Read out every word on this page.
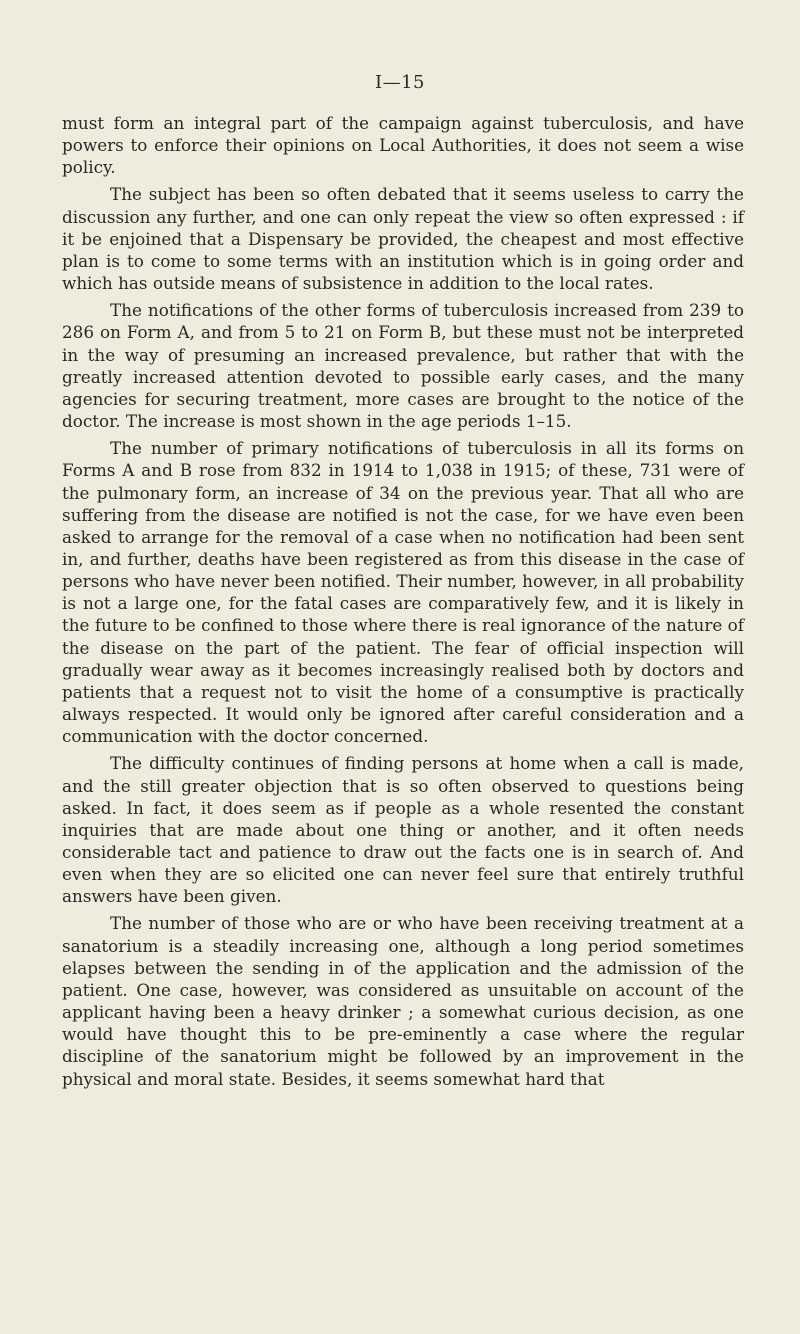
I—15

must form an integral part of the campaign against tuberculosis, and have powers to enforce their opinions on Local Authorities, it does not seem a wise policy.

The subject has been so often debated that it seems useless to carry the discussion any further, and one can only repeat the view so often expressed : if it be enjoined that a Dispensary be provided, the cheapest and most effective plan is to come to some terms with an institution which is in going order and which has outside means of subsistence in addition to the local rates.

The notifications of the other forms of tuberculosis increased from 239 to 286 on Form A, and from 5 to 21 on Form B, but these must not be interpreted in the way of presuming an increased prevalence, but rather that with the greatly increased attention devoted to possible early cases, and the many agencies for securing treatment, more cases are brought to the notice of the doctor. The increase is most shown in the age periods 1–15.

The number of primary notifications of tuberculosis in all its forms on Forms A and B rose from 832 in 1914 to 1,038 in 1915; of these, 731 were of the pulmonary form, an increase of 34 on the previous year. That all who are suffering from the disease are notified is not the case, for we have even been asked to arrange for the removal of a case when no notification had been sent in, and further, deaths have been registered as from this disease in the case of persons who have never been notified. Their number, however, in all probability is not a large one, for the fatal cases are comparatively few, and it is likely in the future to be confined to those where there is real ignorance of the nature of the disease on the part of the patient. The fear of official inspection will gradually wear away as it becomes increasingly realised both by doctors and patients that a request not to visit the home of a consumptive is practically always respected. It would only be ignored after careful consideration and a communication with the doctor concerned.

The difficulty continues of finding persons at home when a call is made, and the still greater objection that is so often observed to questions being asked. In fact, it does seem as if people as a whole resented the constant inquiries that are made about one thing or another, and it often needs considerable tact and patience to draw out the facts one is in search of. And even when they are so elicited one can never feel sure that entirely truthful answers have been given.

The number of those who are or who have been receiving treatment at a sanatorium is a steadily increasing one, although a long period sometimes elapses between the sending in of the application and the admission of the patient. One case, however, was considered as unsuitable on account of the applicant having been a heavy drinker ; a somewhat curious decision, as one would have thought this to be pre-eminently a case where the regular discipline of the sanatorium might be followed by an improvement in the physical and moral state. Besides, it seems somewhat hard that
